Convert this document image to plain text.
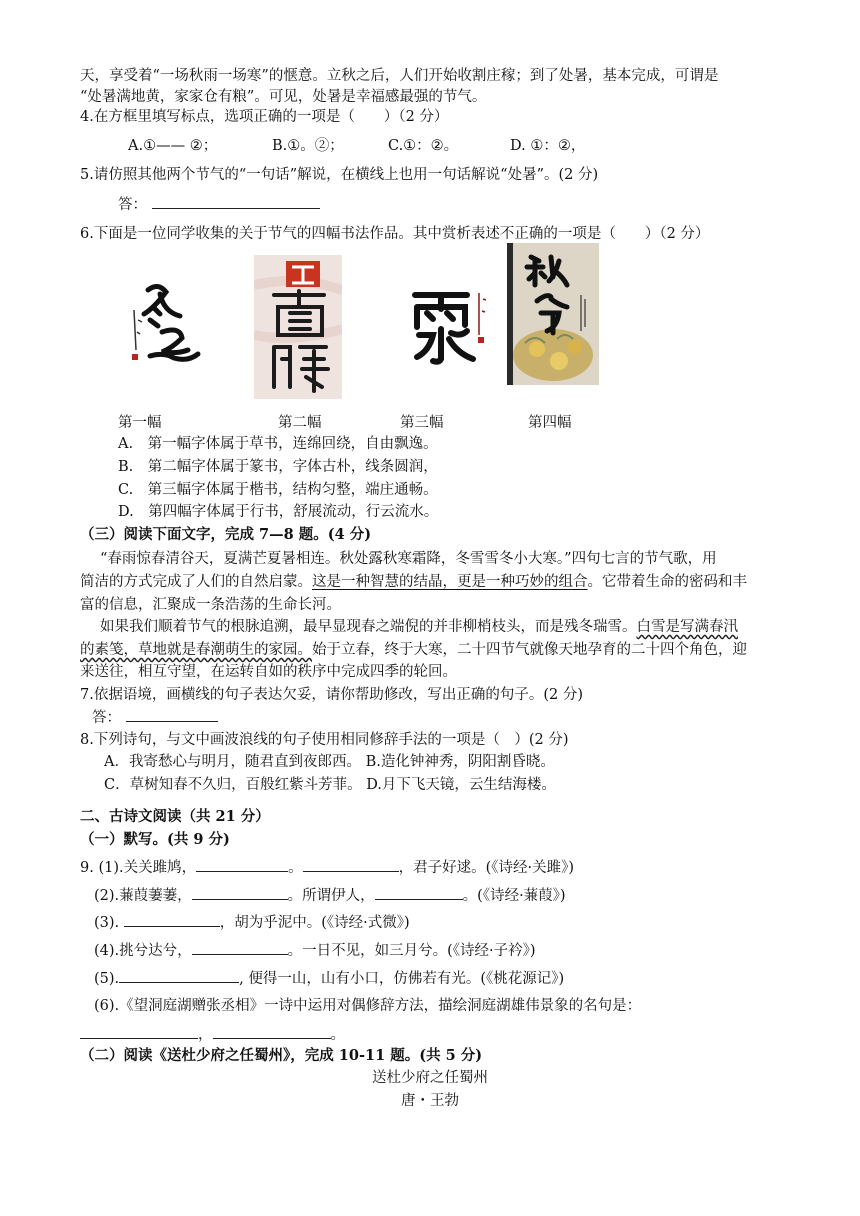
天，享受着“一场秋雨一场寒”的惬意。立秋之后，人们开始收割庄稼；到了处暑，基本完成，可谓是
“处暑满地黄，家家仓有粮”。可见，处暑是幸福感最强的节气。
4.在方框里填写标点，选项正确的一项是（　　）（2 分）
A.①—— ②；	B.①。②；	C.①：②。	D. ①：②，
5.请仿照其他两个节气的“一句话”解说，在横线上也用一句话解说“处暑”。(2 分)
答：
6.下面是一位同学收集的关于节气的四幅书法作品。其中赏析表述不正确的一项是（　　）（2 分）
第一幅	第二幅	第三幅	第四幅
A.　第一幅字体属于草书，连绵回绕，自由飘逸。
B.　第二幅字体属于篆书，字体古朴，线条圆润，
C.　第三幅字体属于楷书，结构匀整，端庄通畅。
D.　第四幅字体属于行书，舒展流动，行云流水。
（三）阅读下面文字，完成 7—8 题。(4 分)
“春雨惊春清谷天，夏满芒夏暑相连。秋处露秋寒霜降，冬雪雪冬小大寒。”四句七言的节气歌，用
简洁的方式完成了人们的自然启蒙。这是一种智慧的结晶，更是一种巧妙的组合。它带着生命的密码和丰
富的信息，汇聚成一条浩荡的生命长河。
如果我们顺着节气的根脉追溯，最早显现春之端倪的并非柳梢枝头，而是残冬瑞雪。白雪是写满春汛
的素笺，草地就是春潮萌生的家园。始于立春，终于大寒，二十四节气就像天地孕育的二十四个角色，迎
来送往，相互守望，在运转自如的秩序中完成四季的轮回。
7.依据语境，画横线的句子表达欠妥，请你帮助修改，写出正确的句子。(2 分)
答：
8.下列诗句，与文中画波浪线的句子使用相同修辞手法的一项是（　）(2 分)
A．我寄愁心与明月，随君直到夜郎西。 B.造化钟神秀，阴阳割昏晓。
C．草树知春不久归，百般红紫斗芳菲。 D.月下飞天镜，云生结海楼。
二、古诗文阅读（共 21 分）
（一）默写。(共 9 分)
9. (1).关关雎鸠，	。	，君子好逑。(《诗经·关雎》)
(2).蒹葭萋萋，	。所谓伊人，	。(《诗经·蒹葭》)
(3).	，胡为乎泥中。(《诗经·式微》)
(4).挑兮达兮，	。一日不见，如三月兮。(《诗经·子衿》)
(5).	, 便得一山，山有小口，仿佛若有光。(《桃花源记》)
(6).《望洞庭湖赠张丞相》一诗中运用对偶修辞方法，描绘洞庭湖雄伟景象的名句是：
，	。
（二）阅读《送杜少府之任蜀州》，完成 10-11 题。(共 5 分)
送杜少府之任蜀州
唐・王勃
